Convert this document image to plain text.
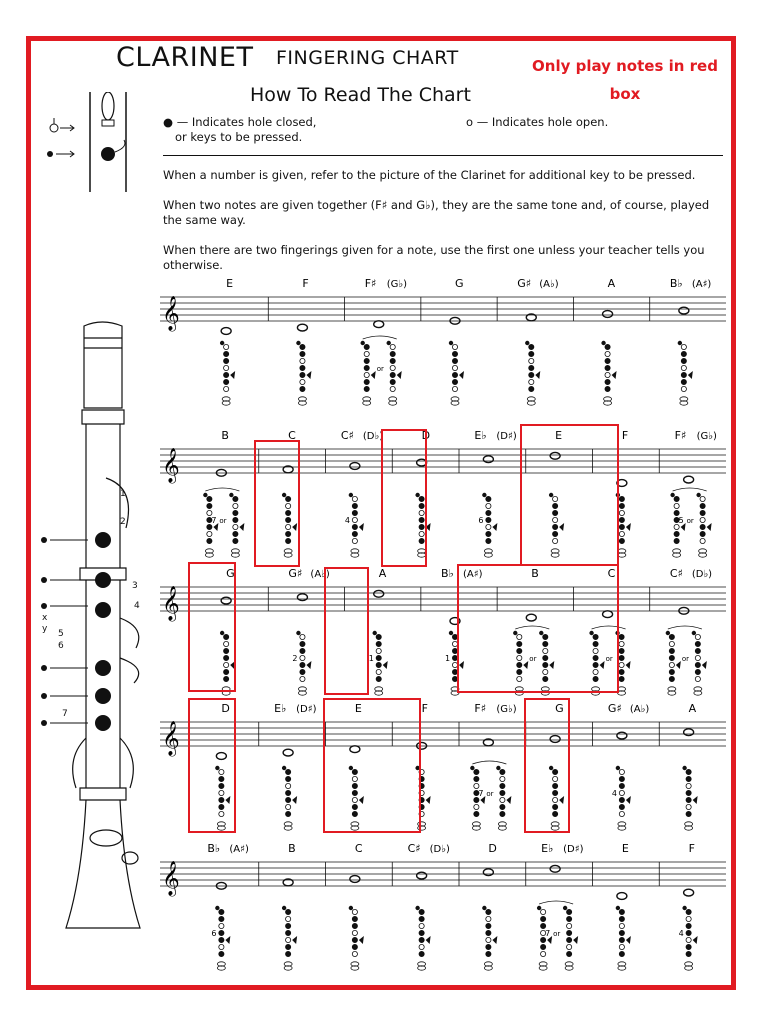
CLARINET FINGERING CHART
How To Read The Chart
Only play notes in red box
● — Indicates hole closed,
or keys to be pressed.
o — Indicates hole open.
When a number is given, refer to the picture of the Clarinet for additional key to be pressed.
When two notes are given together (F♯ and G♭), they are the same tone and, of course, played the same way.
When there are two fingerings given for a note, use the first one unless your teacher tells you otherwise.
1
2
3
4
5
6
7
x
y
𝄞
E	F	F♯ (G♭)
or
G	G♯ (A♭)	A	B♭ (A♯)
𝄞
B
or
7
C	C♯ (D♭)
4
D	E♭ (D♯)
6
E	F	F♯ (G♭)
or
5
𝄞
G	G♯ (A♭)
2
A
1
B♭ (A♯)
1
B
or
C
or
C♯ (D♭)
or
𝄞
D	E♭ (D♯)	E	F	F♯ (G♭)
or
7
G	G♯ (A♭)
4
A
𝄞
B♭ (A♯)
6
B	C	C♯ (D♭)	D	E♭ (D♯)
or
7
E	F
4
